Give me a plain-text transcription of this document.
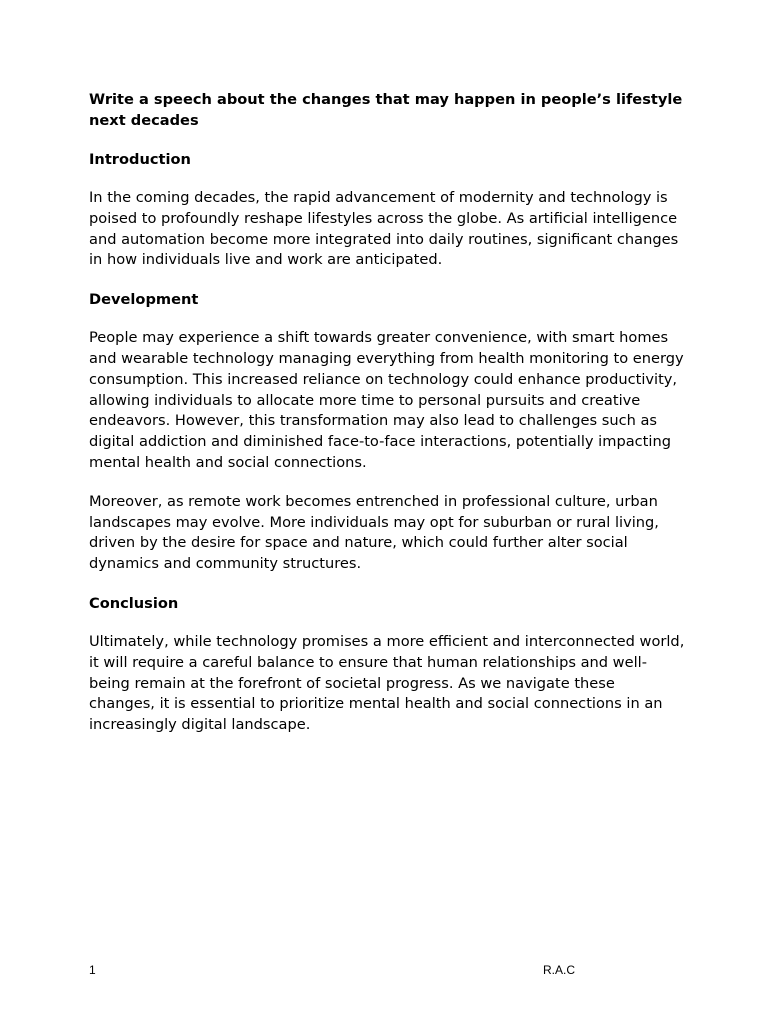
Write a speech about the changes that may happen in people’s lifestyle next decades
Introduction

In the coming decades, the rapid advancement of modernity and technology is poised to profoundly reshape lifestyles across the globe. As artificial intelligence and automation become more integrated into daily routines, significant changes in how individuals live and work are anticipated.

Development

People may experience a shift towards greater convenience, with smart homes and wearable technology managing everything from health monitoring to energy consumption. This increased reliance on technology could enhance productivity, allowing individuals to allocate more time to personal pursuits and creative endeavors. However, this transformation may also lead to challenges such as digital addiction and diminished face-to-face interactions, potentially impacting mental health and social connections.

Moreover, as remote work becomes entrenched in professional culture, urban landscapes may evolve. More individuals may opt for suburban or rural living, driven by the desire for space and nature, which could further alter social dynamics and community structures.

Conclusion

Ultimately, while technology promises a more efficient and interconnected world, it will require a careful balance to ensure that human relationships and well-being remain at the forefront of societal progress. As we navigate these changes, it is essential to prioritize mental health and social connections in an increasingly digital landscape.

1	R.A.C
